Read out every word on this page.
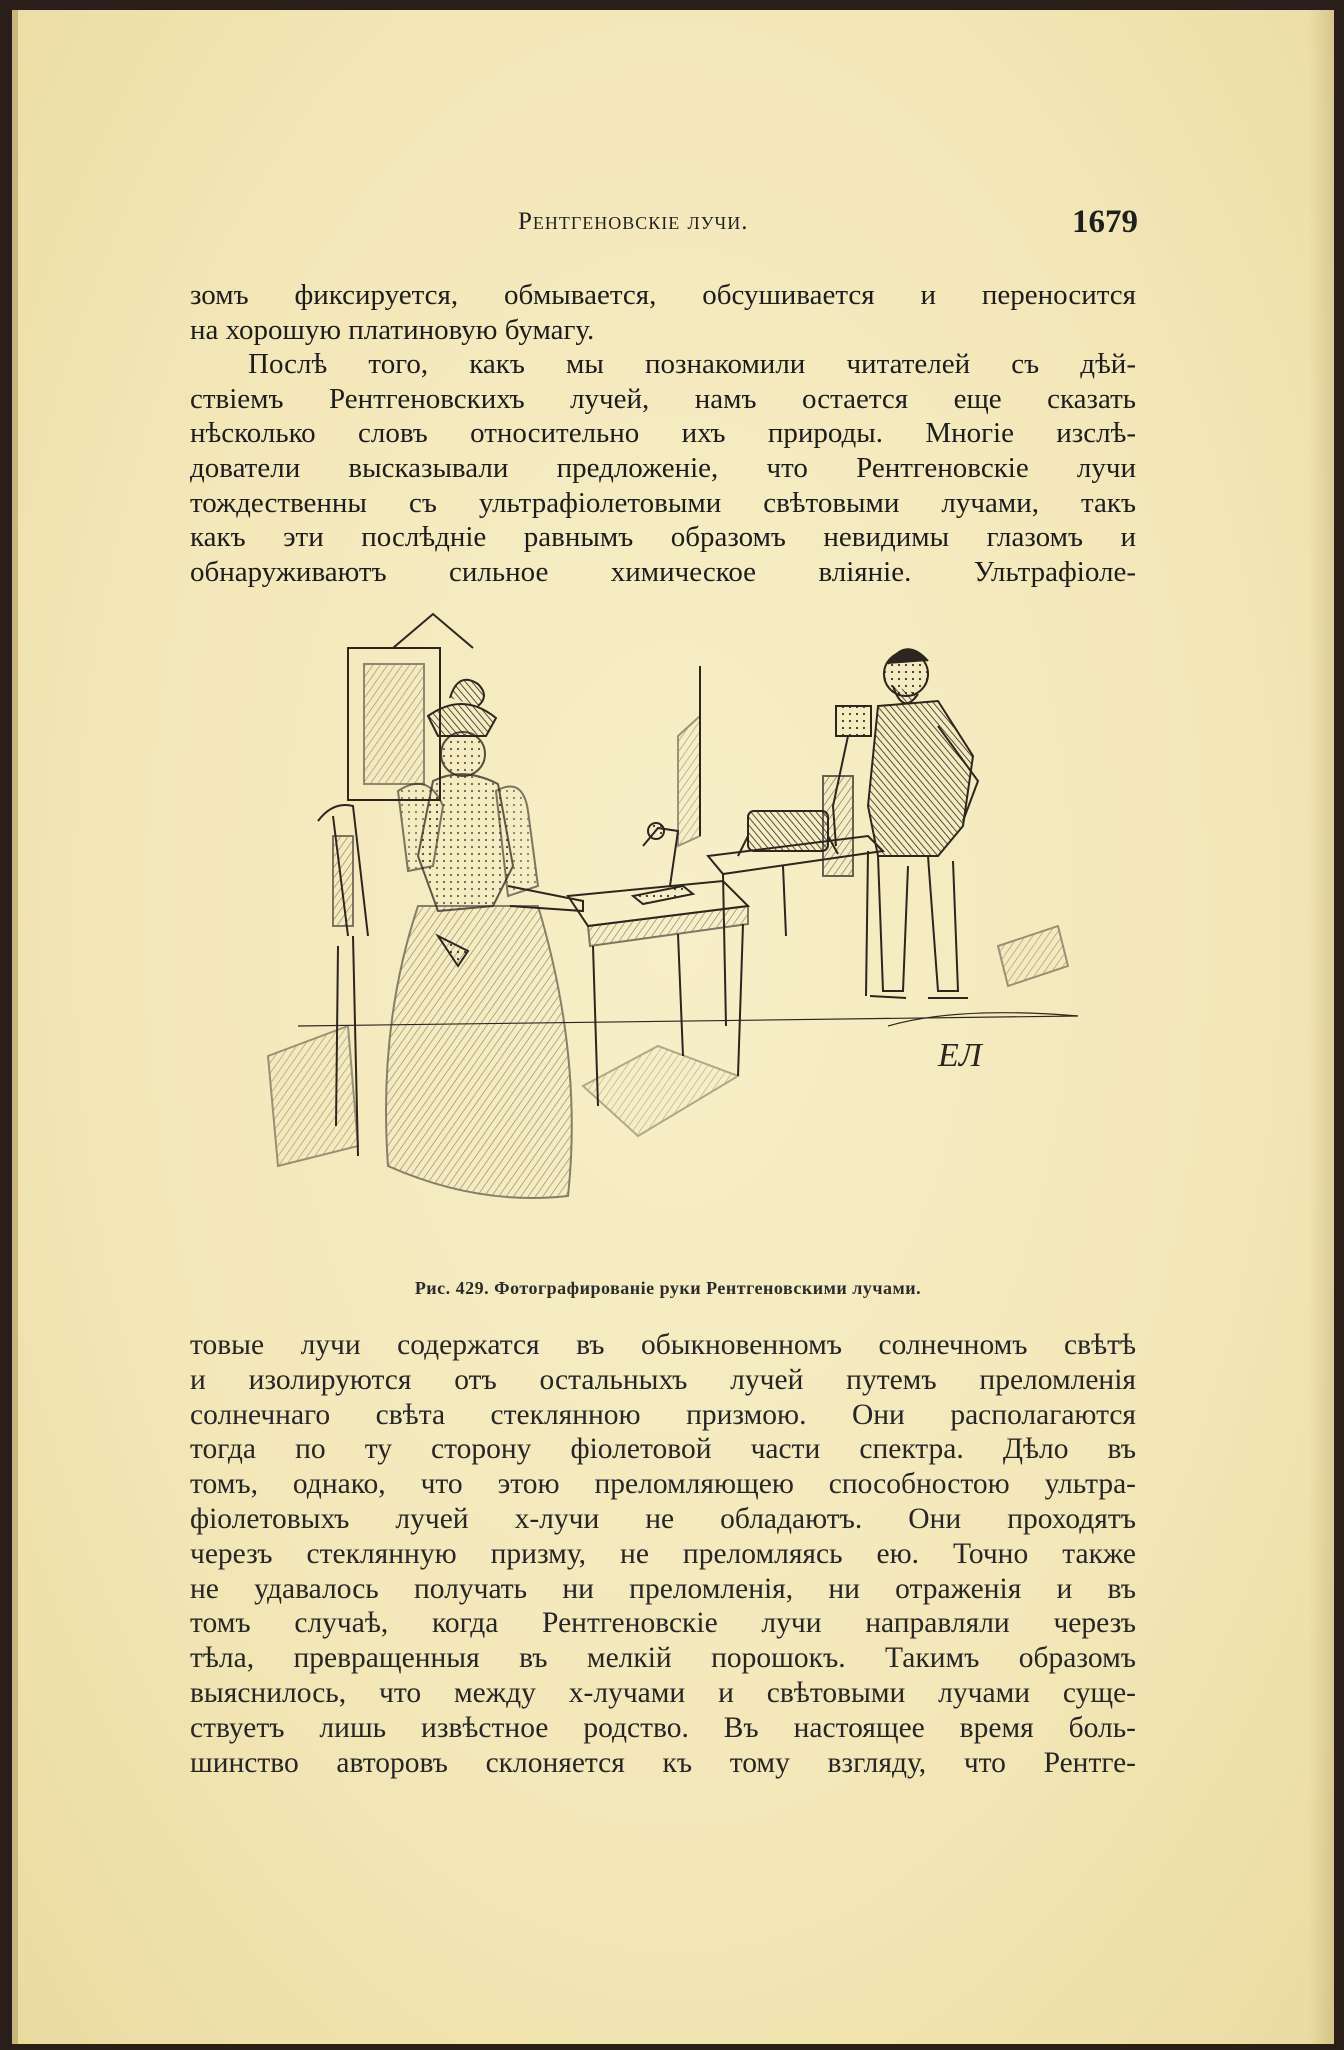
Рентгеновскіе лучи.	1679

зомъ фиксируется, обмывается, обсушивается и переносится
на хорошую платиновую бумагу.

Послѣ того, какъ мы познакомили читателей съ дѣй-
ствіемъ Рентгеновскихъ лучей, намъ остается еще сказать
нѣсколько словъ относительно ихъ природы. Многіе изслѣ-
дователи высказывали предложеніе, что Рентгеновскіе лучи
тождественны съ ультрафіолетовыми свѣтовыми лучами, такъ
какъ эти послѣдніе равнымъ образомъ невидимы глазомъ и
обнаруживаютъ сильное химическое вліяніе. Ультрафіоле-

ЕЛ
Рис. 429. Фотографированіе руки Рентгеновскими лучами.

товые лучи содержатся въ обыкновенномъ солнечномъ свѣтѣ
и изолируются отъ остальныхъ лучей путемъ преломленія
солнечнаго свѣта стеклянною призмою. Они располагаются
тогда по ту сторону фіолетовой части спектра. Дѣло въ
томъ, однако, что этою преломляющею способностою ультра-
фіолетовыхъ лучей х-лучи не обладаютъ. Они проходятъ
черезъ стеклянную призму, не преломляясь ею. Точно также
не удавалось получать ни преломленія, ни отраженія и въ
томъ случаѣ, когда Рентгеновскіе лучи направляли черезъ
тѣла, превращенныя въ мелкій порошокъ. Такимъ образомъ
выяснилось, что между х-лучами и свѣтовыми лучами суще-
ствуетъ лишь извѣстное родство. Въ настоящее время боль-
шинство авторовъ склоняется къ тому взгляду, что Рентге-
